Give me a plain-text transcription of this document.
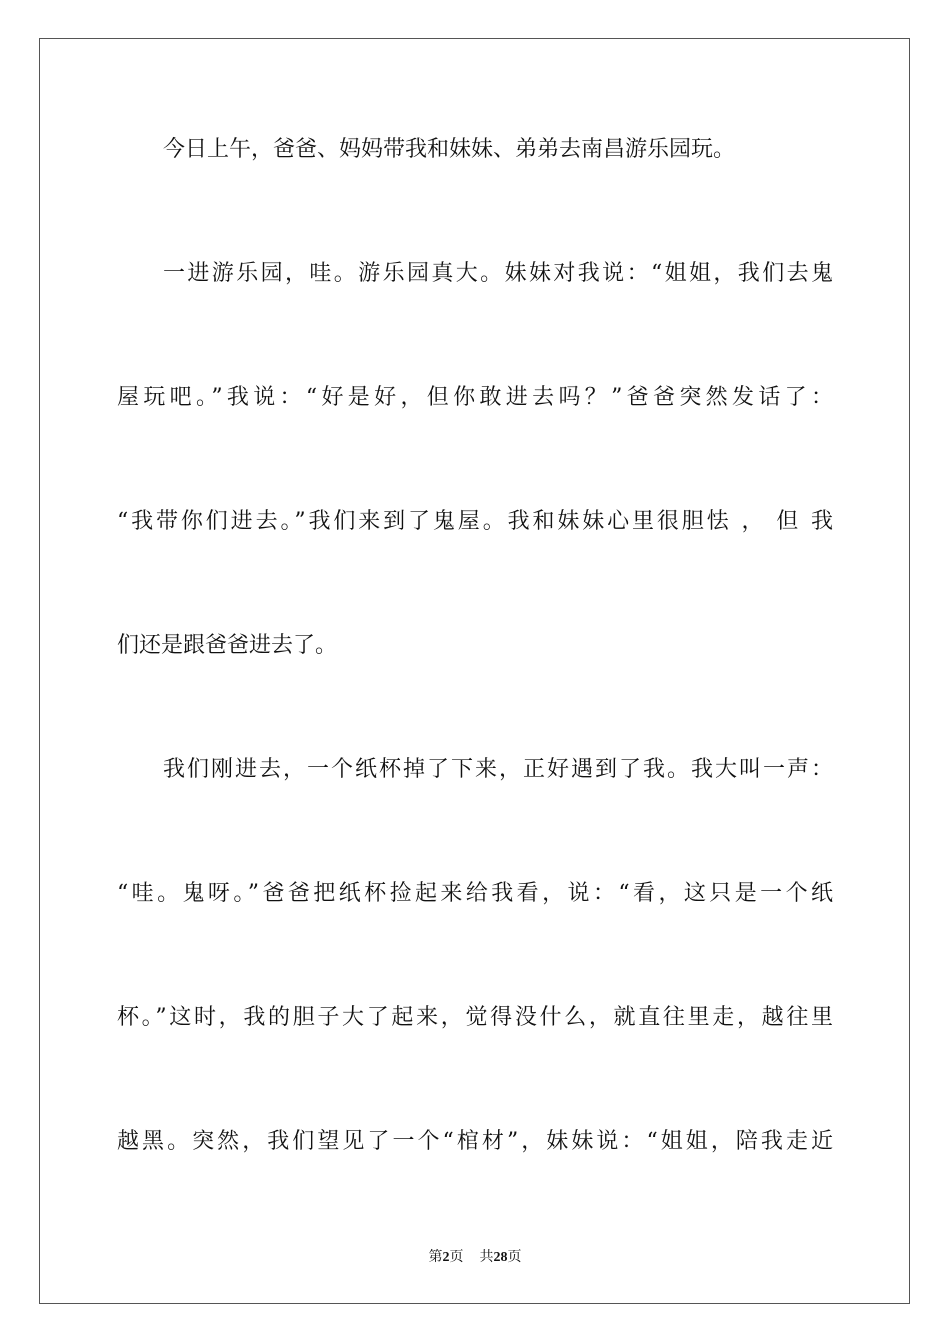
今日上午，爸爸、妈妈带我和妹妹、弟弟去南昌游乐园玩。
一进游乐园，哇。游乐园真大。妹妹对我说：“姐姐，我们去鬼
屋玩吧。”我说：“好是好，但你敢进去吗？”爸爸突然发话了：
“我带你们进去。”我们来到了鬼屋。我和妹妹心里很胆怯 ， 但 我
们还是跟爸爸进去了。
我们刚进去，一个纸杯掉了下来，正好遇到了我。我大叫一声：
“哇。鬼呀。”爸爸把纸杯捡起来给我看，说：“看，这只是一个纸
杯。”这时，我的胆子大了起来，觉得没什么，就直往里走，越往里
越黑。突然，我们望见了一个“棺材”，妹妹说：“姐姐，陪我走近
第2页 共28页
